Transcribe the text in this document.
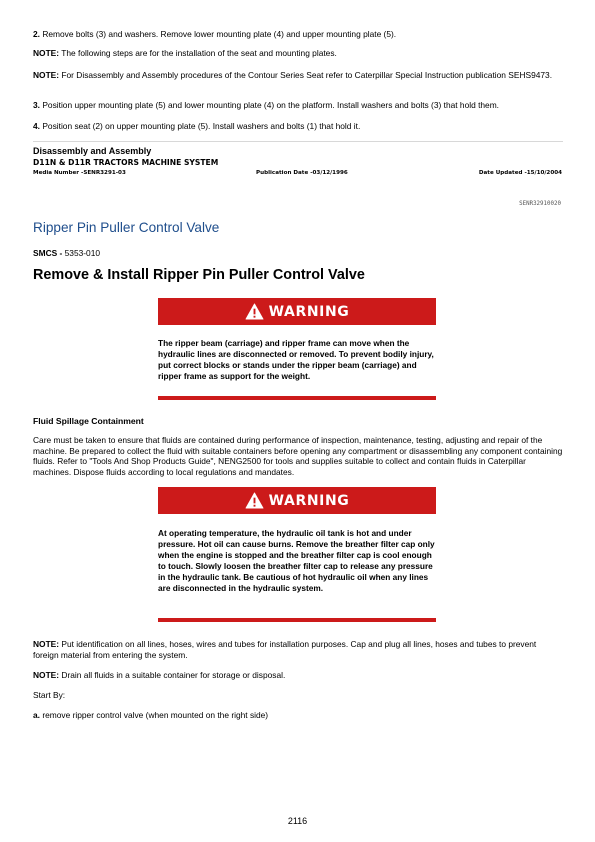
2. Remove bolts (3) and washers. Remove lower mounting plate (4) and upper mounting plate (5).
NOTE: The following steps are for the installation of the seat and mounting plates.
NOTE: For Disassembly and Assembly procedures of the Contour Series Seat refer to Caterpillar Special Instruction publication SEHS9473.
3. Position upper mounting plate (5) and lower mounting plate (4) on the platform. Install washers and bolts (3) that hold them.
4. Position seat (2) on upper mounting plate (5). Install washers and bolts (1) that hold it.
Disassembly and Assembly
D11N & D11R TRACTORS MACHINE SYSTEM
Media Number -SENR3291-03	Publication Date -03/12/1996	Date Updated -15/10/2004
SENR32910020
Ripper Pin Puller Control Valve
SMCS - 5353-010
Remove & Install Ripper Pin Puller Control Valve
WARNING
The ripper beam (carriage) and ripper frame can move when the hydraulic lines are disconnected or removed. To prevent bodily injury, put correct blocks or stands under the ripper beam (carriage) and ripper frame as support for the weight.
Fluid Spillage Containment
Care must be taken to ensure that fluids are contained during performance of inspection, maintenance, testing, adjusting and repair of the machine. Be prepared to collect the fluid with suitable containers before opening any compartment or disassembling any component containing fluids. Refer to "Tools And Shop Products Guide", NENG2500 for tools and supplies suitable to collect and contain fluids in Caterpillar machines. Dispose fluids according to local regulations and mandates.
WARNING
At operating temperature, the hydraulic oil tank is hot and under pressure. Hot oil can cause burns. Remove the breather filter cap only when the engine is stopped and the breather filter cap is cool enough to touch. Slowly loosen the breather filter cap to release any pressure in the hydraulic tank. Be cautious of hot hydraulic oil when any lines are disconnected in the hydraulic system.
NOTE: Put identification on all lines, hoses, wires and tubes for installation purposes. Cap and plug all lines, hoses and tubes to prevent foreign material from entering the system.
NOTE: Drain all fluids in a suitable container for storage or disposal.
Start By:
a. remove ripper control valve (when mounted on the right side)
2116
